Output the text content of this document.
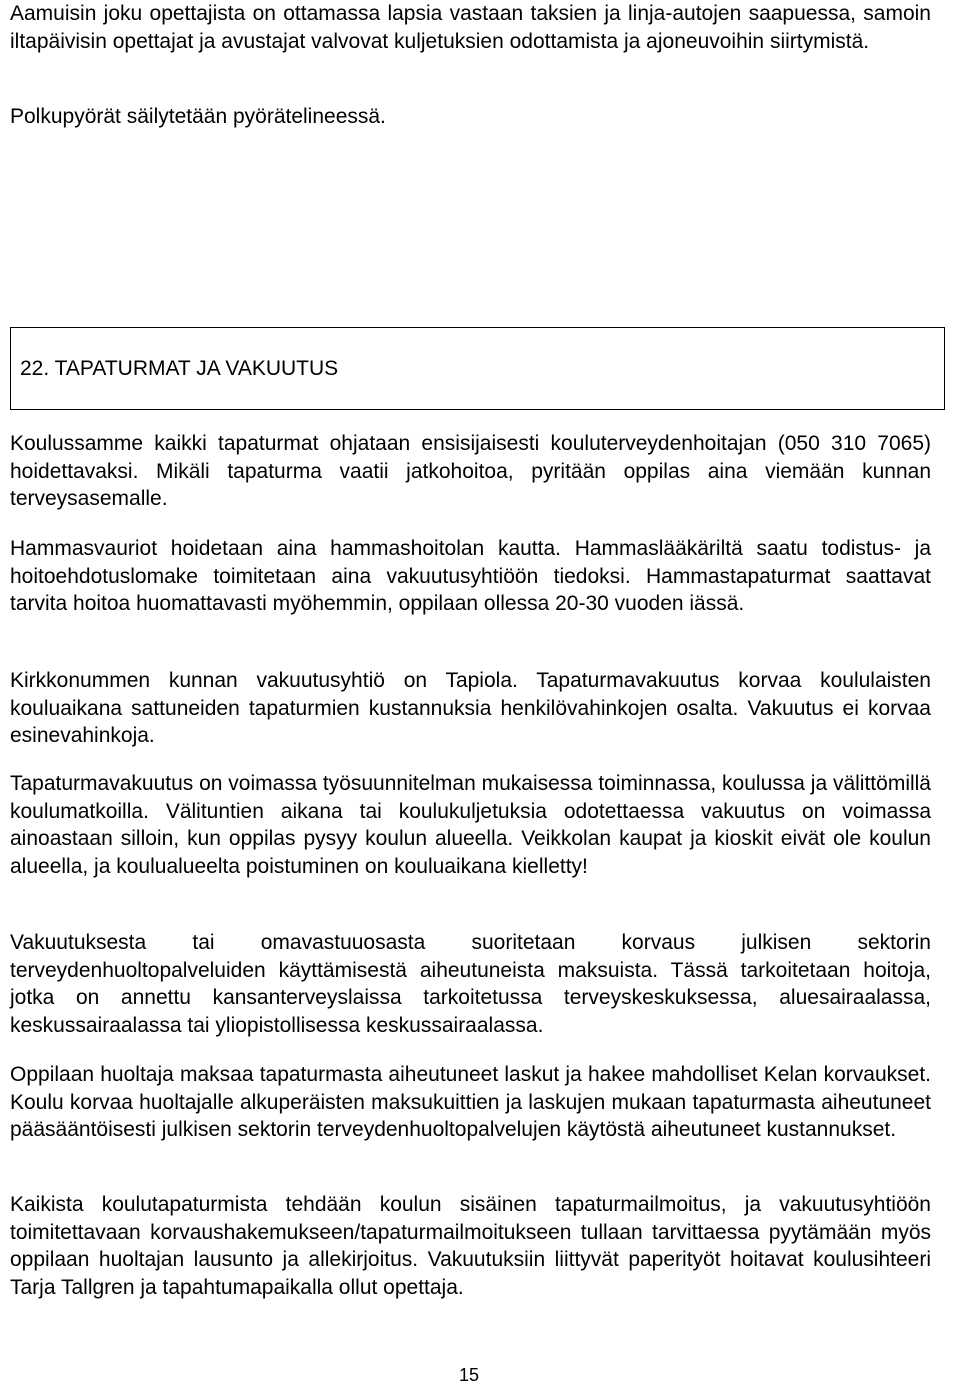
Aamuisin joku opettajista on ottamassa lapsia vastaan taksien ja linja-autojen saapuessa, samoin iltapäivisin opettajat ja avustajat valvovat kuljetuksien odottamista ja ajoneuvoihin siirtymistä.

Polkupyörät säilytetään pyörätelineessä.

22. TAPATURMAT JA VAKUUTUS

Koulussamme kaikki tapaturmat ohjataan ensisijaisesti kouluterveydenhoitajan (050 310 7065) hoidettavaksi. Mikäli tapaturma vaatii jatkohoitoa, pyritään oppilas aina viemään kunnan terveysasemalle.

Hammasvauriot hoidetaan aina hammashoitolan kautta. Hammaslääkäriltä saatu todistus- ja hoitoehdotuslomake toimitetaan aina vakuutusyhtiöön tiedoksi. Hammastapaturmat saattavat tarvita hoitoa huomattavasti myöhemmin, oppilaan ollessa 20-30 vuoden iässä.

Kirkkonummen kunnan vakuutusyhtiö on Tapiola. Tapaturmavakuutus korvaa koululaisten kouluaikana sattuneiden tapaturmien kustannuksia henkilövahinkojen osalta. Vakuutus ei korvaa esinevahinkoja.

Tapaturmavakuutus on voimassa työsuunnitelman mukaisessa toiminnassa, koulussa ja välittömillä koulumatkoilla. Välituntien aikana tai koulukuljetuksia odotettaessa vakuutus on voimassa ainoastaan silloin, kun oppilas pysyy koulun alueella. Veikkolan kaupat ja kioskit eivät ole koulun alueella, ja koulualueelta poistuminen on kouluaikana kielletty!

Vakuutuksesta tai omavastuuosasta suoritetaan korvaus julkisen sektorin terveydenhuoltopalveluiden käyttämisestä aiheutuneista maksuista. Tässä tarkoitetaan hoitoja, jotka on annettu kansanterveyslaissa tarkoitetussa terveyskeskuksessa, aluesairaalassa, keskussairaalassa tai yliopistollisessa keskussairaalassa.

Oppilaan huoltaja maksaa tapaturmasta aiheutuneet laskut ja hakee mahdolliset Kelan korvaukset. Koulu korvaa huoltajalle alkuperäisten maksukuittien ja laskujen mukaan tapaturmasta aiheutuneet pääsääntöisesti julkisen sektorin terveydenhuoltopalvelujen käytöstä aiheutuneet kustannukset.

Kaikista koulutapaturmista tehdään koulun sisäinen tapaturmailmoitus, ja vakuutusyhtiöön toimitettavaan korvaushakemukseen/tapaturmailmoitukseen tullaan tarvittaessa pyytämään myös oppilaan huoltajan lausunto ja allekirjoitus. Vakuutuksiin liittyvät paperityöt hoitavat koulusihteeri Tarja Tallgren ja tapahtumapaikalla ollut opettaja.

15
